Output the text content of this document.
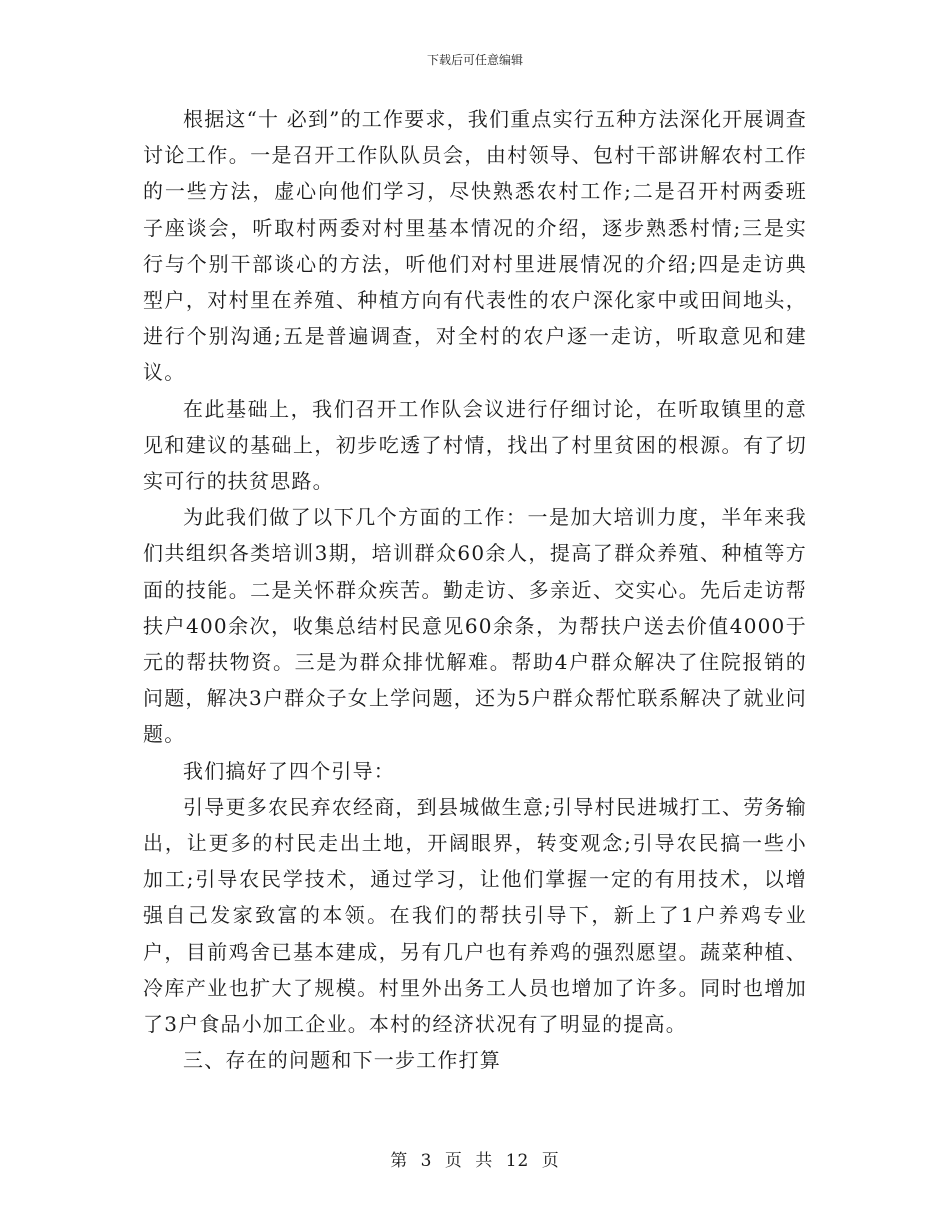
下载后可任意编辑

根据这“十 必到”的工作要求，我们重点实行五种方法深化开展调查讨论工作。一是召开工作队队员会，由村领导、包村干部讲解农村工作的一些方法，虚心向他们学习，尽快熟悉农村工作;二是召开村两委班子座谈会，听取村两委对村里基本情况的介绍，逐步熟悉村情;三是实行与个别干部谈心的方法，听他们对村里进展情况的介绍;四是走访典型户，对村里在养殖、种植方向有代表性的农户深化家中或田间地头，进行个别沟通;五是普遍调查，对全村的农户逐一走访，听取意见和建议。

在此基础上，我们召开工作队会议进行仔细讨论，在听取镇里的意见和建议的基础上，初步吃透了村情，找出了村里贫困的根源。有了切实可行的扶贫思路。

为此我们做了以下几个方面的工作：一是加大培训力度，半年来我们共组织各类培训3期，培训群众60余人，提高了群众养殖、种植等方面的技能。二是关怀群众疾苦。勤走访、多亲近、交实心。先后走访帮扶户400余次，收集总结村民意见60余条，为帮扶户送去价值4000于元的帮扶物资。三是为群众排忧解难。帮助4户群众解决了住院报销的问题，解决3户群众子女上学问题，还为5户群众帮忙联系解决了就业问题。

我们搞好了四个引导：

引导更多农民弃农经商，到县城做生意;引导村民进城打工、劳务输出，让更多的村民走出土地，开阔眼界，转变观念;引导农民搞一些小加工;引导农民学技术，通过学习，让他们掌握一定的有用技术，以增强自己发家致富的本领。在我们的帮扶引导下，新上了1户养鸡专业户，目前鸡舍已基本建成，另有几户也有养鸡的强烈愿望。蔬菜种植、冷库产业也扩大了规模。村里外出务工人员也增加了许多。同时也增加了3户食品小加工企业。本村的经济状况有了明显的提高。

三、存在的问题和下一步工作打算

第 3 页 共 12 页
